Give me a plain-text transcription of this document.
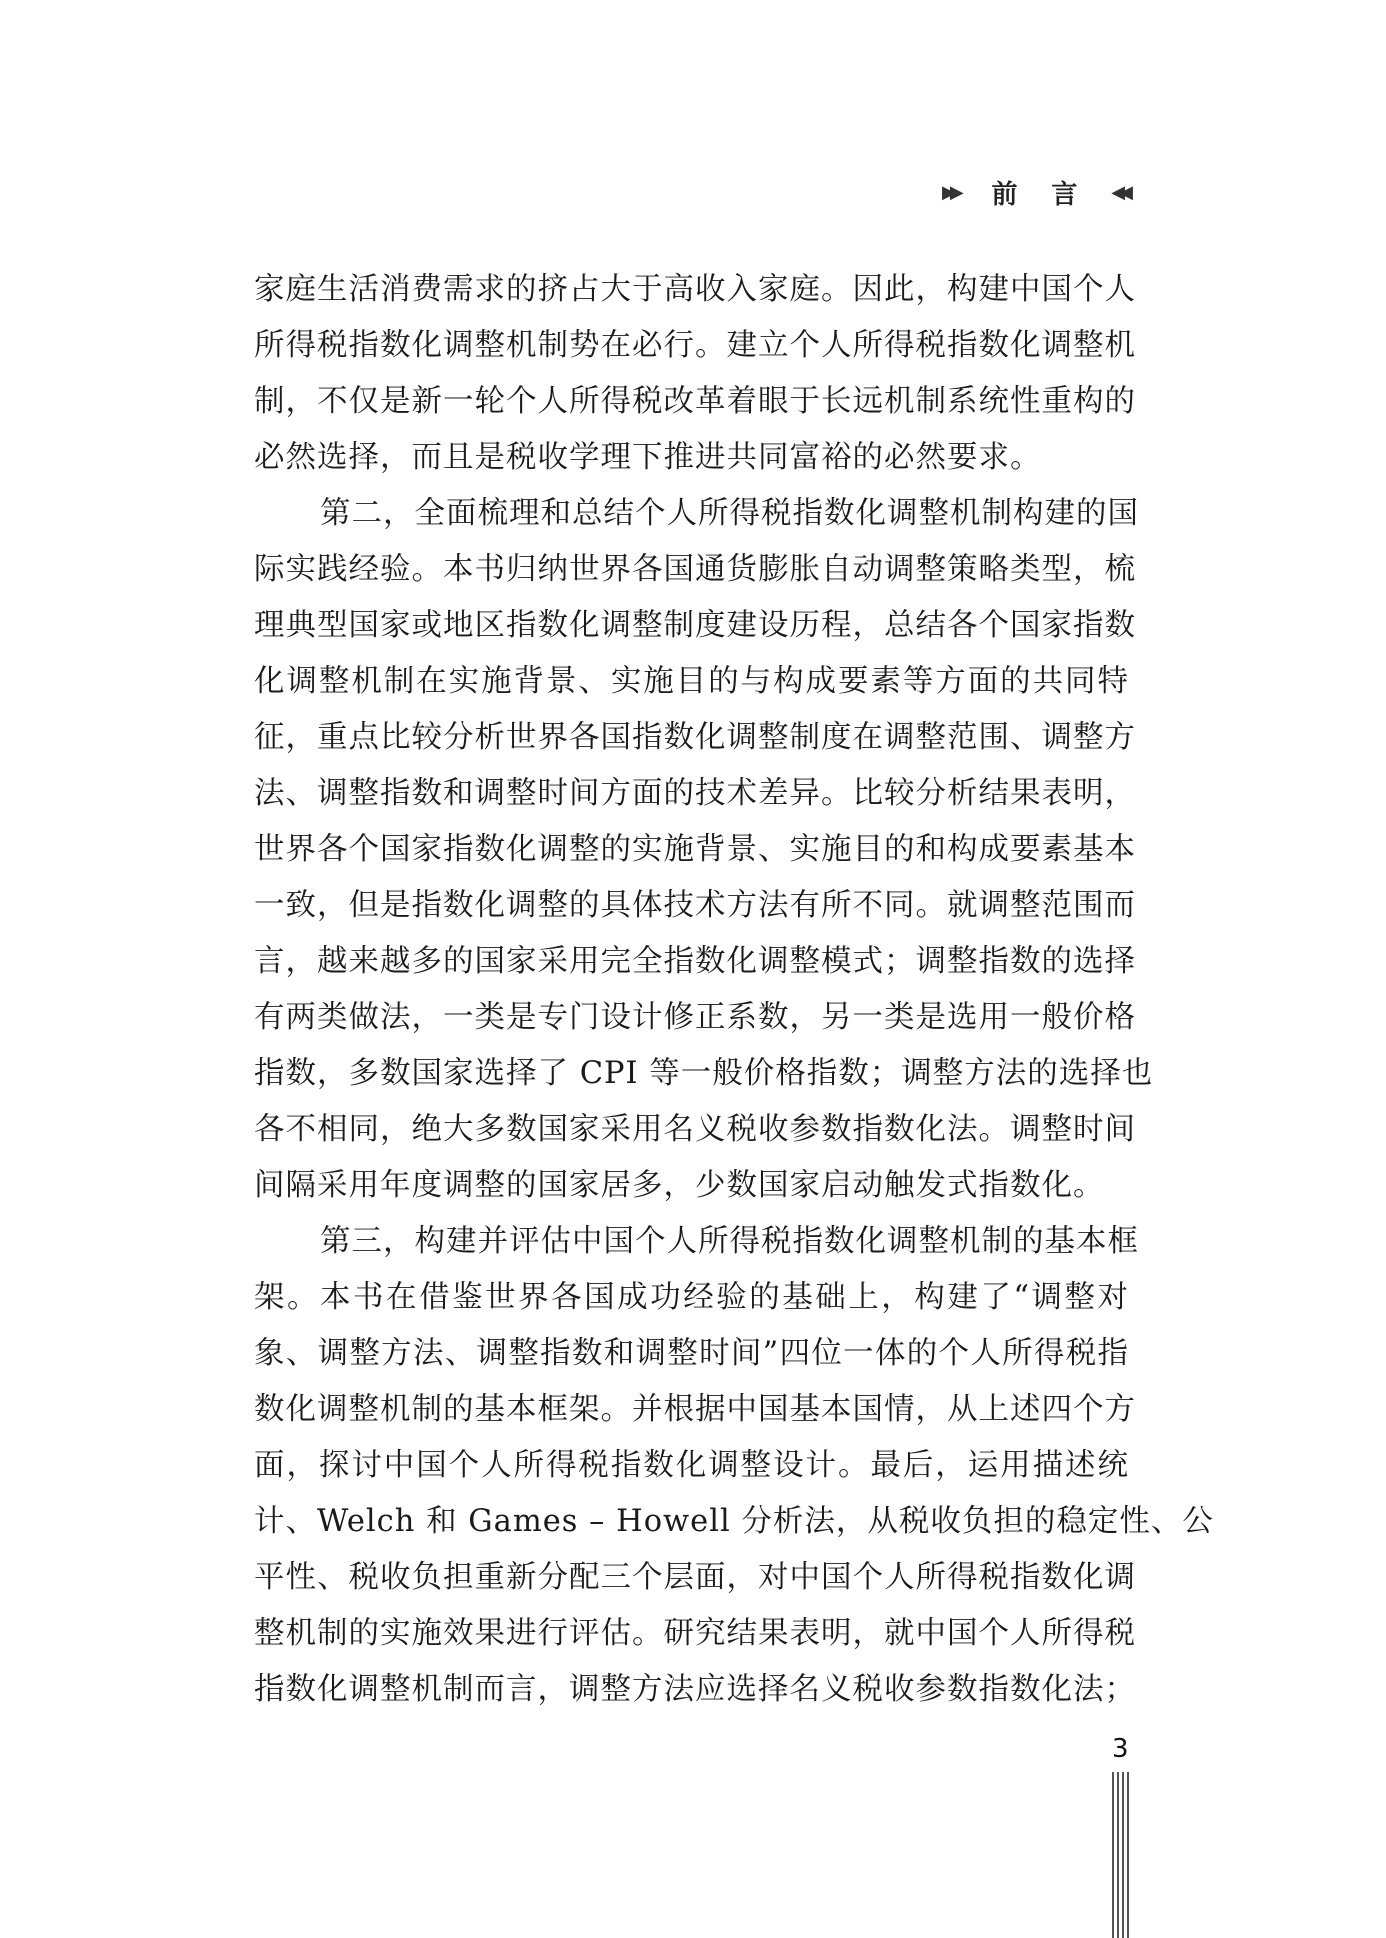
▶▶ 前 言 ◀◀
家庭生活消费需求的挤占大于高收入家庭。因此，构建中国个人
所得税指数化调整机制势在必行。建立个人所得税指数化调整机
制，不仅是新一轮个人所得税改革着眼于长远机制系统性重构的
必然选择，而且是税收学理下推进共同富裕的必然要求。
第二，全面梳理和总结个人所得税指数化调整机制构建的国
际实践经验。本书归纳世界各国通货膨胀自动调整策略类型，梳
理典型国家或地区指数化调整制度建设历程，总结各个国家指数
化调整机制在实施背景、实施目的与构成要素等方面的共同特
征，重点比较分析世界各国指数化调整制度在调整范围、调整方
法、调整指数和调整时间方面的技术差异。比较分析结果表明，
世界各个国家指数化调整的实施背景、实施目的和构成要素基本
一致，但是指数化调整的具体技术方法有所不同。就调整范围而
言，越来越多的国家采用完全指数化调整模式；调整指数的选择
有两类做法，一类是专门设计修正系数，另一类是选用一般价格
指数，多数国家选择了 CPI 等一般价格指数；调整方法的选择也
各不相同，绝大多数国家采用名义税收参数指数化法。调整时间
间隔采用年度调整的国家居多，少数国家启动触发式指数化。
第三，构建并评估中国个人所得税指数化调整机制的基本框
架。本书在借鉴世界各国成功经验的基础上，构建了“调整对
象、调整方法、调整指数和调整时间”四位一体的个人所得税指
数化调整机制的基本框架。并根据中国基本国情，从上述四个方
面，探讨中国个人所得税指数化调整设计。最后，运用描述统
计、Welch 和 Games – Howell 分析法，从税收负担的稳定性、公
平性、税收负担重新分配三个层面，对中国个人所得税指数化调
整机制的实施效果进行评估。研究结果表明，就中国个人所得税
指数化调整机制而言，调整方法应选择名义税收参数指数化法；
3
